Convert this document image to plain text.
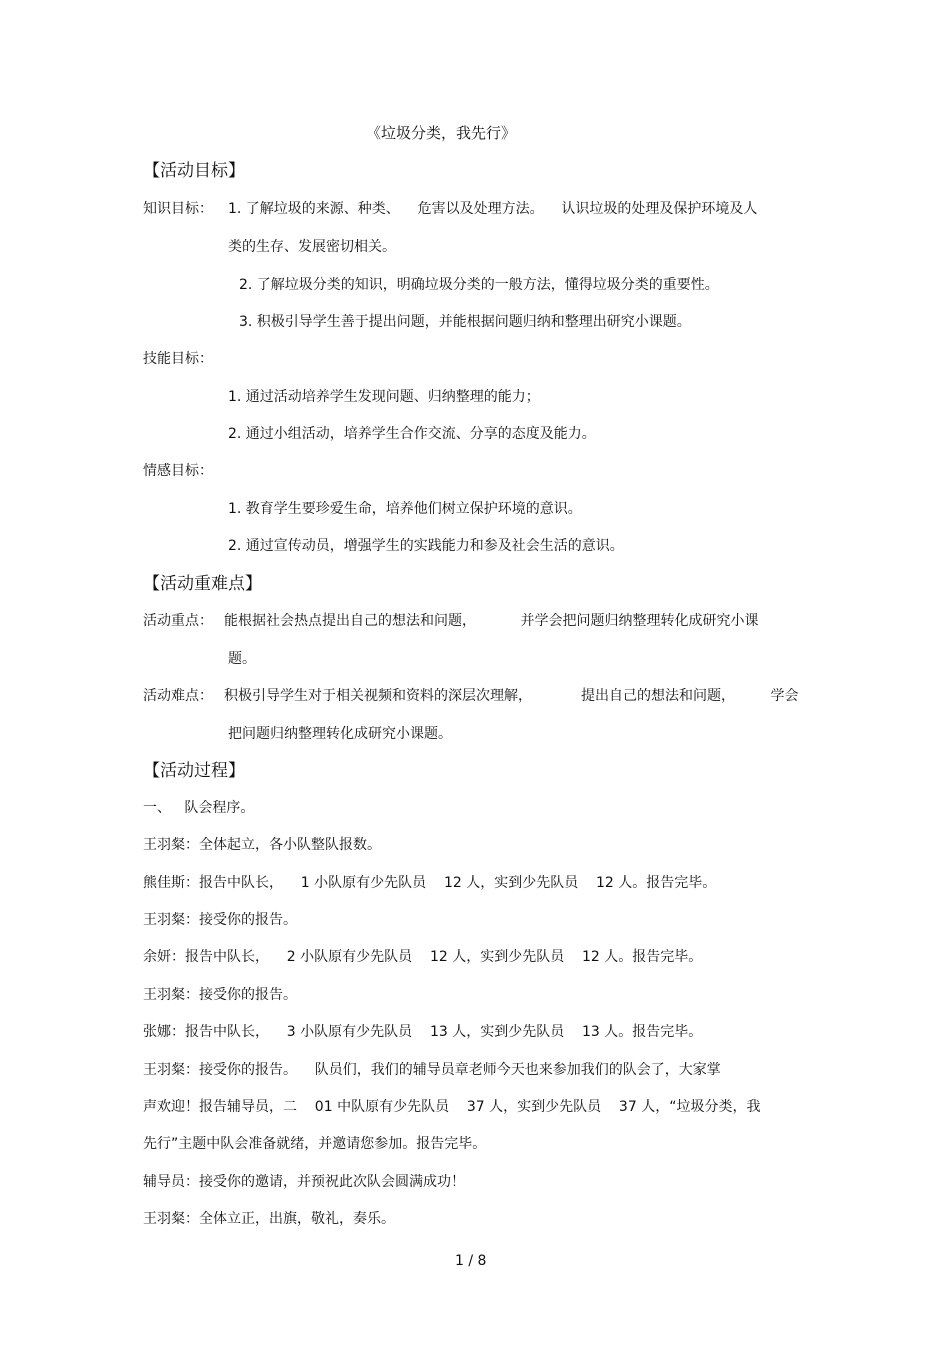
《垃圾分类，我先行》
【活动目标】
知识目标： 1. 了解垃圾的来源、种类、    危害以及处理方法。    认识垃圾的处理及保护环境及人
类的生存、发展密切相关。
2. 了解垃圾分类的知识，明确垃圾分类的一般方法，懂得垃圾分类的重要性。
3. 积极引导学生善于提出问题，并能根据问题归纳和整理出研究小课题。
技能目标：
1. 通过活动培养学生发现问题、归纳整理的能力；
2. 通过小组活动，培养学生合作交流、分享的态度及能力。
情感目标：
1. 教育学生要珍爱生命，培养他们树立保护环境的意识。
2. 通过宣传动员，增强学生的实践能力和参及社会生活的意识。
【活动重难点】
活动重点： 能根据社会热点提出自己的想法和问题，          并学会把问题归纳整理转化成研究小课
题。
活动难点： 积极引导学生对于相关视频和资料的深层次理解，           提出自己的想法和问题，        学会
把问题归纳整理转化成研究小课题。
【活动过程】
一、   队会程序。
王羽粲：全体起立，各小队整队报数。
熊佳斯：报告中队长，    1 小队原有少先队员    12 人，实到少先队员    12 人。报告完毕。
王羽粲：接受你的报告。
余妍：报告中队长，    2 小队原有少先队员    12 人，实到少先队员    12 人。报告完毕。
王羽粲：接受你的报告。
张娜：报告中队长，    3 小队原有少先队员    13 人，实到少先队员    13 人。报告完毕。
王羽粲：接受你的报告。    队员们，我们的辅导员章老师今天也来参加我们的队会了，大家掌
声欢迎！报告辅导员，二    01 中队原有少先队员    37 人，实到少先队员    37 人，“垃圾分类，我
先行”主题中队会准备就绪，并邀请您参加。报告完毕。
辅导员：接受你的邀请，并预祝此次队会圆满成功！
王羽粲：全体立正，出旗，敬礼，奏乐。
1 / 8
